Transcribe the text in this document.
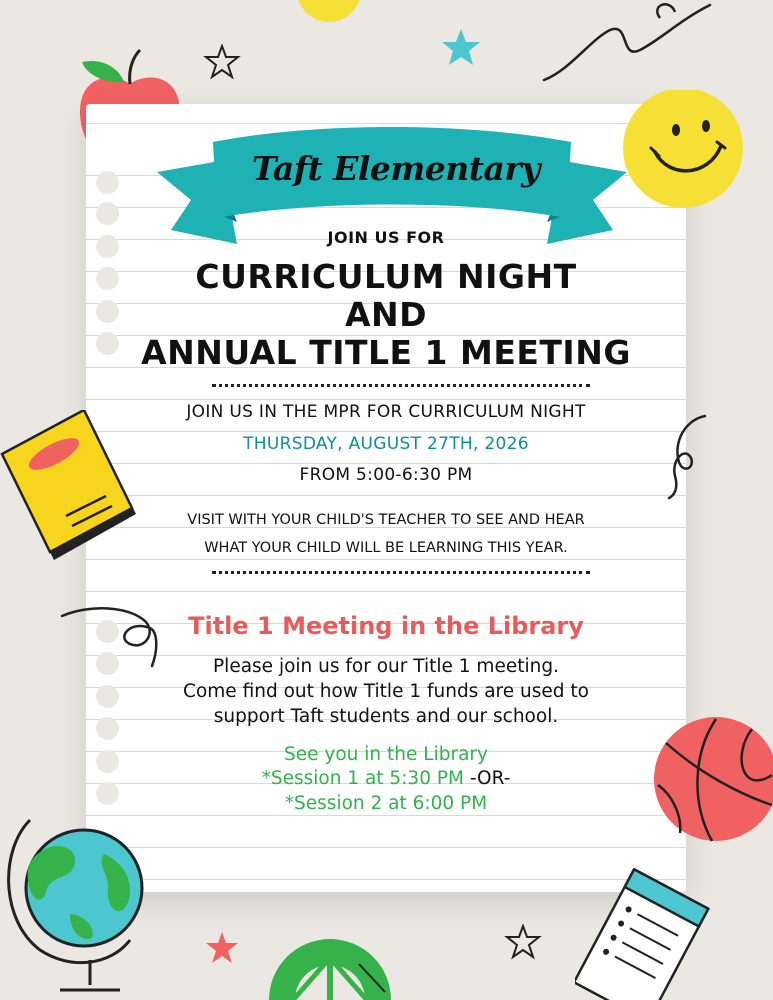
Taft Elementary
JOIN US FOR
CURRICULUM NIGHT
AND
ANNUAL TITLE 1 MEETING
JOIN US IN THE MPR FOR CURRICULUM NIGHT
THURSDAY, AUGUST 27TH, 2026
FROM 5:00-6:30 PM
VISIT WITH YOUR CHILD'S TEACHER TO SEE AND HEAR
WHAT YOUR CHILD WILL BE LEARNING THIS YEAR.
Title 1 Meeting in the Library
Please join us for our Title 1 meeting.
Come find out how Title 1 funds are used to
support Taft students and our school.
See you in the Library
*Session 1 at 5:30 PM -OR-
*Session 2 at 6:00 PM
